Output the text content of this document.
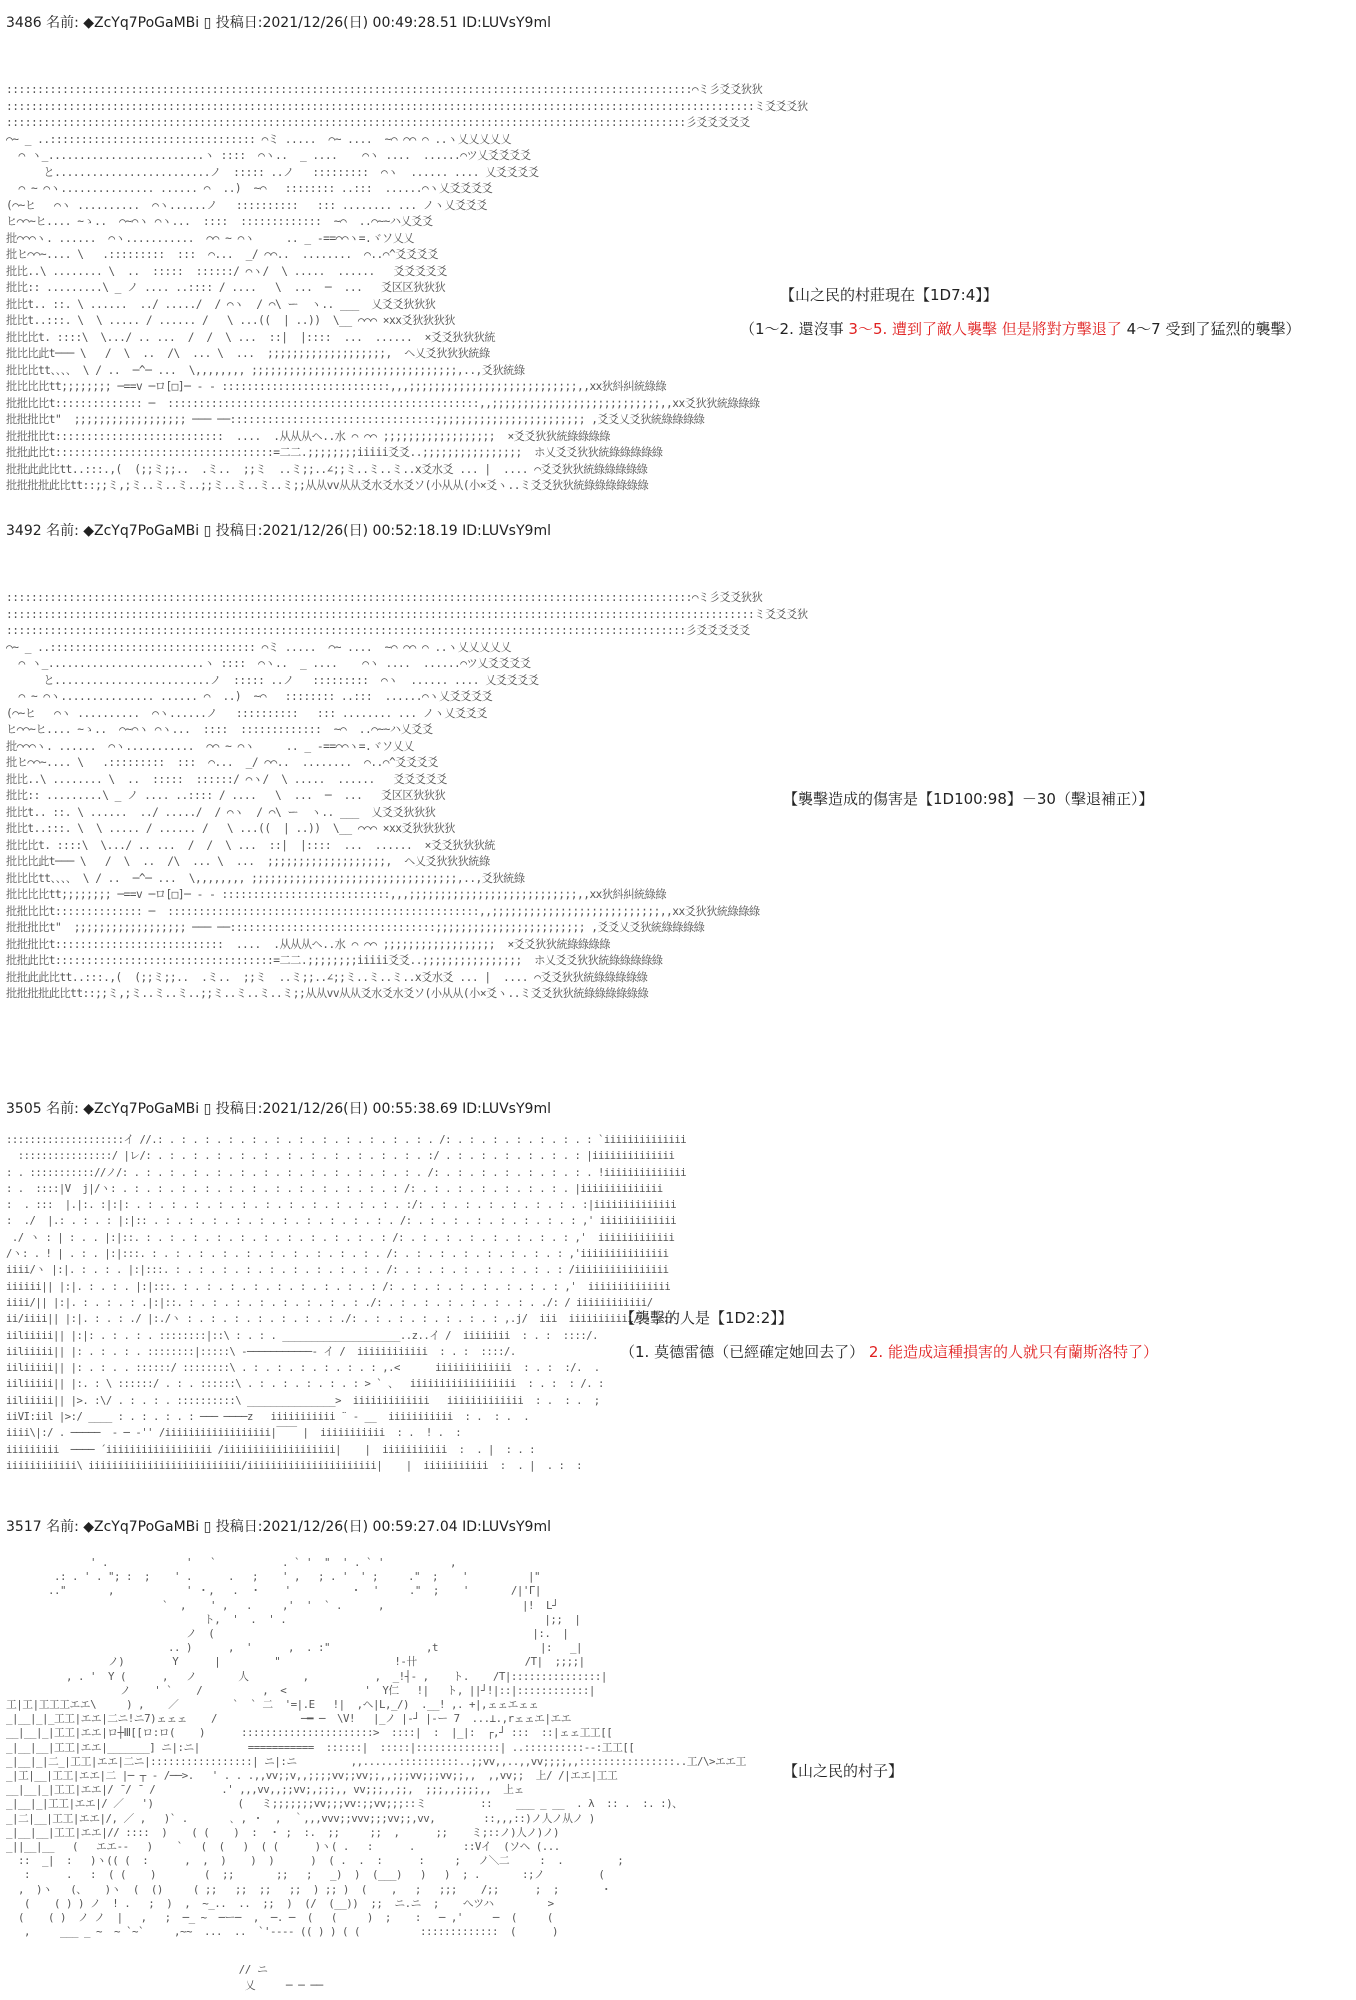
3486 名前: ◆ZcYq7PoGaMBi ▯ 投稿日:2021/12/26(日) 00:49:28.51 ID:LUVsY9ml
::::::::::::::::::::::::::::::::::::::::::::::::::::::::::::::::::::::::::::::::::::::::::::::::::::::::::::::⌒ミ彡爻爻狄狄
::::::::::::::::::::::::::::::::::::::::::::::::::::::::::::::::::::::::::::::::::::::::::::::::::::::::::::::::::::::::ミ爻爻爻狄
:::::::::::::::::::::::::::::::::::::::::::::::::::::::::::::::::::::::::::::::::::::::::::::::::::::::::::::彡爻爻爻爻爻
⌒~ _ ..::::::::::::::::::::::::::::::::: ⌒ミ .....  ⌒~ ....  ~⌒ ⌒⌒ ⌒ ..ヽ乂乂乂乂乂
⌒ ヽ_.........................ヽ ::::  ⌒ヽ..  _ ....    ⌒ヽ ....  ......⌒ツ乂爻爻爻爻
と.........................ノ  ::::: ..ノ   :::::::::  ⌒ヽ  ...... .... 乂爻爻爻爻
⌒ ~ ⌒ヽ............... ...... ⌒  ..)  ~⌒   :::::::: ..:::  ......⌒ヽ乂爻爻爻爻
(⌒~ヒ   ⌒ヽ ..........  ⌒ヽ......ノ   ::::::::::   ::: ........ ... ノヽ乂爻爻爻
ヒ⌒⌒~ヒ.... ~ゝ..  ⌒~⌒ヽ ⌒ヽ...  ::::  :::::::::::::  ~⌒  ..⌒~~ハ乂爻爻
批⌒⌒⌒ヽ. ......  ⌒ヽ...........  ⌒⌒ ~ ⌒ヽ     .. _ -==⌒⌒ヽ=.ヾソ乂乂
批ヒ⌒⌒~.... \   .:::::::::  :::  ⌒...  _/ ⌒⌒..  ........  ⌒..⌒^爻爻爻爻
批比..\ ........ \  ..  :::::  ::::::/ ⌒ヽ/  \ .....  ......   爻爻爻爻爻
批比:: .........\ _ ノ .... ..:::: / ....   \  ...  ─  ...   爻区区狄狄狄
批比t.. ::. \ ......  ../ ...../  / ⌒ヽ  / ⌒\ ー  ヽ.. ___  乂爻爻狄狄狄
批比t..:::. \  \ ..... / ...... /   \ ...((  | ..))  \__ ⌒⌒⌒ ×xx爻狄狄狄狄
批比比t. ::::\  \.../ .. ...  /  /  \ ...  ::|  |::::  ...  ......  ×爻爻狄狄狄統
批比比此t─── \   /  \  ..  /\  ... \  ...  ;;;;;;;;;;;;;;;;;;;,  ヘ乂爻狄狄狄統綠
批比比tt、、、、 \ / ..  ─^─ ...  \,,,,,,,, ;;;;;;;;;;;;;;;;;;;;;;;;;;;;;;;;;,..,爻狄統綠
批比比比tt;;;;;;;; ─==v ─ロ[□]─ ‐ ‐ :::::::::::::::::::::::::::,,,;;;;;;;;;;;;;;;;;;;;;;;;;;;,,xx狄紏糾統綠綠
批批比比t:::::::::::::: ─  ::::::::::::::::::::::::::::::::::::::::::::::::::,,;;;;;;;;;;;;;;;;;;;;;;;;;;;,,xx爻狄狄統綠綠綠
批批批比t"  ;;;;;;;;;;;;;;;;;; ─── ──:::::::::::::::::::::::::::::::::;;;;;;;;;;;;;;;;;;;;;;;; ,爻爻乂爻狄統綠綠綠綠
批批批比t:::::::::::::::::::::::::::  ....  .从从从ヘ..水 ⌒ ⌒⌒ ;;;;;;;;;;;;;;;;;;  ×爻爻狄狄統綠綠綠綠
批批此比t:::::::::::::::::::::::::::::::::::=二二.;;;;;;;;iiiii爻爻..;;;;;;;;;;;;;;;;  ホ乂爻爻狄狄統綠綠綠綠綠
批批此此比tt..:::.,(  (;;ミ;;..  .ミ..  ;;ミ  ..ミ;;..∠;;ミ..ミ..ミ..x爻水爻 ... |  .... ⌒爻爻狄狄統綠綠綠綠綠
批批批批此比tt::;;ミ,;ミ..ミ..ミ..;;ミ..ミ..ミ..ミ;;从从vv从从爻水爻水爻ソ(小从从(小×爻ヽ..ミ爻爻狄狄統綠綠綠綠綠綠
3492 名前: ◆ZcYq7PoGaMBi ▯ 投稿日:2021/12/26(日) 00:52:18.19 ID:LUVsY9ml
::::::::::::::::::::::::::::::::::::::::::::::::::::::::::::::::::::::::::::::::::::::::::::::::::::::::::::::⌒ミ彡爻爻狄狄
::::::::::::::::::::::::::::::::::::::::::::::::::::::::::::::::::::::::::::::::::::::::::::::::::::::::::::::::::::::::ミ爻爻爻狄
:::::::::::::::::::::::::::::::::::::::::::::::::::::::::::::::::::::::::::::::::::::::::::::::::::::::::::::彡爻爻爻爻爻
⌒~ _ ..::::::::::::::::::::::::::::::::: ⌒ミ .....  ⌒~ ....  ~⌒ ⌒⌒ ⌒ ..ヽ乂乂乂乂乂
⌒ ヽ_.........................ヽ ::::  ⌒ヽ..  _ ....    ⌒ヽ ....  ......⌒ツ乂爻爻爻爻
と.........................ノ  ::::: ..ノ   :::::::::  ⌒ヽ  ...... .... 乂爻爻爻爻
⌒ ~ ⌒ヽ............... ...... ⌒  ..)  ~⌒   :::::::: ..:::  ......⌒ヽ乂爻爻爻爻
(⌒~ヒ   ⌒ヽ ..........  ⌒ヽ......ノ   ::::::::::   ::: ........ ... ノヽ乂爻爻爻
ヒ⌒⌒~ヒ.... ~ゝ..  ⌒~⌒ヽ ⌒ヽ...  ::::  :::::::::::::  ~⌒  ..⌒~~ハ乂爻爻
批⌒⌒⌒ヽ. ......  ⌒ヽ...........  ⌒⌒ ~ ⌒ヽ     .. _ -==⌒⌒ヽ=.ヾソ乂乂
批ヒ⌒⌒~.... \   .:::::::::  :::  ⌒...  _/ ⌒⌒..  ........  ⌒..⌒^爻爻爻爻
批比..\ ........ \  ..  :::::  ::::::/ ⌒ヽ/  \ .....  ......   爻爻爻爻爻
批比:: .........\ _ ノ .... ..:::: / ....   \  ...  ─  ...   爻区区狄狄狄
批比t.. ::. \ ......  ../ ...../  / ⌒ヽ  / ⌒\ ー  ヽ.. ___  乂爻爻狄狄狄
批比t..:::. \  \ ..... / ...... /   \ ...((  | ..))  \__ ⌒⌒⌒ ×xx爻狄狄狄狄
批比比t. ::::\  \.../ .. ...  /  /  \ ...  ::|  |::::  ...  ......  ×爻爻狄狄狄統
批比比此t─── \   /  \  ..  /\  ... \  ...  ;;;;;;;;;;;;;;;;;;;,  ヘ乂爻狄狄狄統綠
批比比tt、、、、 \ / ..  ─^─ ...  \,,,,,,,, ;;;;;;;;;;;;;;;;;;;;;;;;;;;;;;;;;,..,爻狄統綠
批比比比tt;;;;;;;; ─==v ─ロ[□]─ ‐ ‐ :::::::::::::::::::::::::::,,,;;;;;;;;;;;;;;;;;;;;;;;;;;;,,xx狄紏糾統綠綠
批批比比t:::::::::::::: ─  ::::::::::::::::::::::::::::::::::::::::::::::::::,,;;;;;;;;;;;;;;;;;;;;;;;;;;;,,xx爻狄狄統綠綠綠
批批批比t"  ;;;;;;;;;;;;;;;;;; ─── ──:::::::::::::::::::::::::::::::::;;;;;;;;;;;;;;;;;;;;;;;; ,爻爻乂爻狄統綠綠綠綠
批批批比t:::::::::::::::::::::::::::  ....  .从从从ヘ..水 ⌒ ⌒⌒ ;;;;;;;;;;;;;;;;;;  ×爻爻狄狄統綠綠綠綠
批批此比t:::::::::::::::::::::::::::::::::::=二二.;;;;;;;;iiiii爻爻..;;;;;;;;;;;;;;;;  ホ乂爻爻狄狄統綠綠綠綠綠
批批此此比tt..:::.,(  (;;ミ;;..  .ミ..  ;;ミ  ..ミ;;..∠;;ミ..ミ..ミ..x爻水爻 ... |  .... ⌒爻爻狄狄統綠綠綠綠綠
批批批批此比tt::;;ミ,;ミ..ミ..ミ..;;ミ..ミ..ミ..ミ;;从从vv从从爻水爻水爻ソ(小从从(小×爻ヽ..ミ爻爻狄狄統綠綠綠綠綠綠
3505 名前: ◆ZcYq7PoGaMBi ▯ 投稿日:2021/12/26(日) 00:55:38.69 ID:LUVsY9ml
::::::::::::::::::::イ //.: . : . : . : . : . : . : . : . : . : . : . : . /: . : . : . : . : . : . : `iiiiiiiiiiiiii
::::::::::::::::/ |レ/: . : . : . : . : . : . : . : . : . : . : . : . :/ . : . : . : . : . : . : |iiiiiiiiiiiiii
: . ::::::::::://ノ/: . : . : . : . : . : . : . : . : . : . : . : . : . /: . : . : . : . : . : . : . !iiiiiiiiiiiiii
: .  ::::|V  j|/ヽ: . : . : . : . : . : . : . : . : . : . : . : . : /: . : . : . : . : . : . : . |iiiiiiiiiiiiii
:  . :::  |.|:. :|:|: . : . : . : . : . : . : . : . : . : . : . : . :/: . : . : . : . : . : . : . :|iiiiiiiiiiiiii
:  ./  |.: . : . : |:|:: . : . : . : . : . : . : . : . : . : . : . /: . : . : . : . : . : . : . : ,' iiiiiiiiiiiii
./ ヽ : | : . . |:|::. : . : . : . : . : . : . : . : . : . : . : /: . : . : . : . : . : . : . : ,'  iiiiiiiiiiiii
/ヽ: . ! | . : . |:|:::. : . : . : . : . : . : . : . : . : . : . /: . : . : . : . : . : . : . : ,'iiiiiiiiiiiiiii
iiii/ヽ |:|. : . : . |:|:::. : . : . : . : . : . : . : . : . : . /: . : . : . : . : . : . : . : /iiiiiiiiiiiiiiii
iiiiii|| |:|. : . : . |:|:::. : . : . : . : . : . : . : . : . : /: . : . : . : . : . : . : . : ,'  iiiiiiiiiiiiii
iiii/|| |:|. : . : . : .|:|::. : . : . : . : . : . : . : . : ./: . : . : . : . : . : . : . ./: / iiiiiiiiiiii/
ii/iiii|| |:|. : . : ./ |:./ヽ : . : . : . : . : . : . : ./: . : . : . : . : . : . : ,.j/  iii  iiiiiiiiiii/ ..::/
iiliiiii|| |:|: . : . : . ::::::::|::\ : . : . ____________________..z..イ /  iiiiiiii  : . :  ::::/.
iiliiiii|| |: . : . : . ::::::::|:::::\ ‐───────────‐ イ /  iiiiiiiiiiii  : . :  ::::/.
iiliiiii|| |: . : . . ::::::/ ::::::::\ . : . : . : . : . : . : ,.<      iiiiiiiiiiiii  : . :  :/.  .
iiliiiii|| |:. : \ ::::::/ . : . ::::::\ . : . : . : . : . : > ` 、  iiiiiiiiiiiiiiiiii  : . :  : /. :
iiliiiii|| |>. :\/ . : . : . ::::::::::\ _______________>  iiiiiiiiiiiii   iiiiiiiiiiiii  : .  : .  ;
iiVI:iil |>:/ ____ : . : . : . : ─── ────z   iiiiiiiiiii ¨ ‐ __  iiiiiiiiiii  : .  : .  .
iiii\|:/ . ─────  ‐ ─ -'' /iiiiiiiiiiiiiiiiii|￣￣ |  iiiiiiiiiii  : .  ! .  :
iiiiiiiii  ──── ´iiiiiiiiiiiiiiiiii /iiiiiiiiiiiiiiiiiii|    |  iiiiiiiiiii  :  . |  : . :
iiiiiiiiiiii\ iiiiiiiiiiiiiiiiiiiiiiiiii/iiiiiiiiiiiiiiiiiiiiii|    |  iiiiiiiiiii  :  . |  . :  :
3517 名前: ◆ZcYq7PoGaMBi ▯ 投稿日:2021/12/26(日) 00:59:27.04 ID:LUVsY9ml
' .             '   `           . ` '  "  ' . ` '           ,
.: . ' . "; :  ;    ' .      .   ;    ' ,   ; . '  ' ;     ."  ;    '          |"
.."       ,            ' ・,   .  ・    '          ・  '     ."  ;    '       /|'Γ|
`  ,    ' ,   .     ,'  '  ` .      ,                       |!  L┘
ト,  '  .  ' .                                           |;;  |
ノ  (                                                     |:.  |
.. )      ,  '      ,  . :"                ,t                 |:   _|
ノ)        Y      |         "                   !‐卄                  /T|  ;;;;|
, . '  Y (      ,   ノ       人         ,           ,  _!┤- ,    ト.    /T|:::::::::::::::|
ノ    ' `    /          ,  <             '  Y仁   !|   ト, ||┘!|::|::::::::::::|
工|工|工工工エエ\     ) ,    ／         `  ` 二  '=|.E   !|  ,ヘ|L,_/)  .__! ,. +|,ェェエェェ
_|__|_|_工工|エエ|二ニ!ニ7)ェェェ    /              ─━ ─  \V!   |_ノ |‐┘ |‐ー 7  ...⊥.,rェェエ|エエ
__|__|_|工工|エエ|ロ┼Ⅲ[[ロ:ロ(    )      ::::::::::::::::::::::>  ::::|  :  |_|:  ┌,┘ :::  ::|ェェ工工[[
_|__|__|工工|エエ|_______] ニ|:ニ|        ===========  ::::::|  :::::|::::::::::::::| ..::::::::::-‐:工工[[
_|__|_|二_|工工|エエ|二ニ|:::::::::::::::::| ニ|:ニ         ,,......::::::::::..;;vv,,..,,vv;;;;,,::::::::::::::::..工/\>エエ工
_|工|__|工工|エエ|二 |─ ┬ ‐ /──>.   ' . . .,,vv;;v,,;;;;vv;;vv;;,,;;;vv;;;vv;;,,  ,,vv;;  上/ /|エエ|工工
__|__|_|工工|エエ|/ ̄ / ̄  /           .' ,,,vv,,;;vv;,;;;,, vv;;;,,;;,  ;;;,,;;;;,,  上ェ
_|__|_|工工|エエ|/ ／   ')              (   ミ;;;;;;;vv;;;vv:;;vv;;;::ミ         ::    ___ _ __  . λ  :: .  :. :)、
_|二|__|工工|エエ|/, ／ ,   )` .       ､ , ・  ,  ｀,,,vvv;;vvv;;;vv;;,vv,        ::,,,::)ノ人ノ从ノ )
_|__|__|工工|エエ|// ::::  )    ( (    )  :  ・ ;  :.  ;;     ;;  ,      ;;    ミ;::ノ)人ノ)ノ)
_||__|__   (   エエ--   )    `   (  (   )  ( (      )ヽ( .   :      .        ::Vイ  (ソヘ (...
::  _|  :   )ヽ(( (  :      ,  ,  )    )  )      )  ( .  .  :      :     ;   ノ＼二     :  .         ;
:      .   :  ( (    )        (  ;;       ;;   ;   _)  )  (___)   )   )  ; .       :;ノ         (
,  )ヽ   (、   )ヽ  (  ()     ( ;;   ;;  ;;   ;;  ) ;; )  (    ,   ;   ;;;    /;;      ;  ;       ・
(    ( ) ) ノ  ! .   ;  )  ,  ~_..  ..  ;;  )  (/  (__))  ;;  ニ.ニ  ;    へツハ         >
(    ( )  ノ ノ  |   ,   ;  ─_ ~  ─ー─  ,  ─. ─  (   (     )  ;    :   ─ ,'     ─  (     (
,     ___ _ ~  ~ `~`     ,~~  ...  ..  `'---- (( ) ) ( (          :::::::::::::  (      )
// ニ
乂     ─ ─ ──
【山之民的村莊現在【1D7:4】】
（1～2. 還沒事 3～5. 遭到了敵人襲擊 但是將對方擊退了 4～7 受到了猛烈的襲擊）
【襲擊造成的傷害是【1D100:98】－30（擊退補正）】
【襲擊的人是【1D2:2】】
（1. 莫德雷德（已經確定她回去了） 2. 能造成這種損害的人就只有蘭斯洛特了）
【山之民的村子】
